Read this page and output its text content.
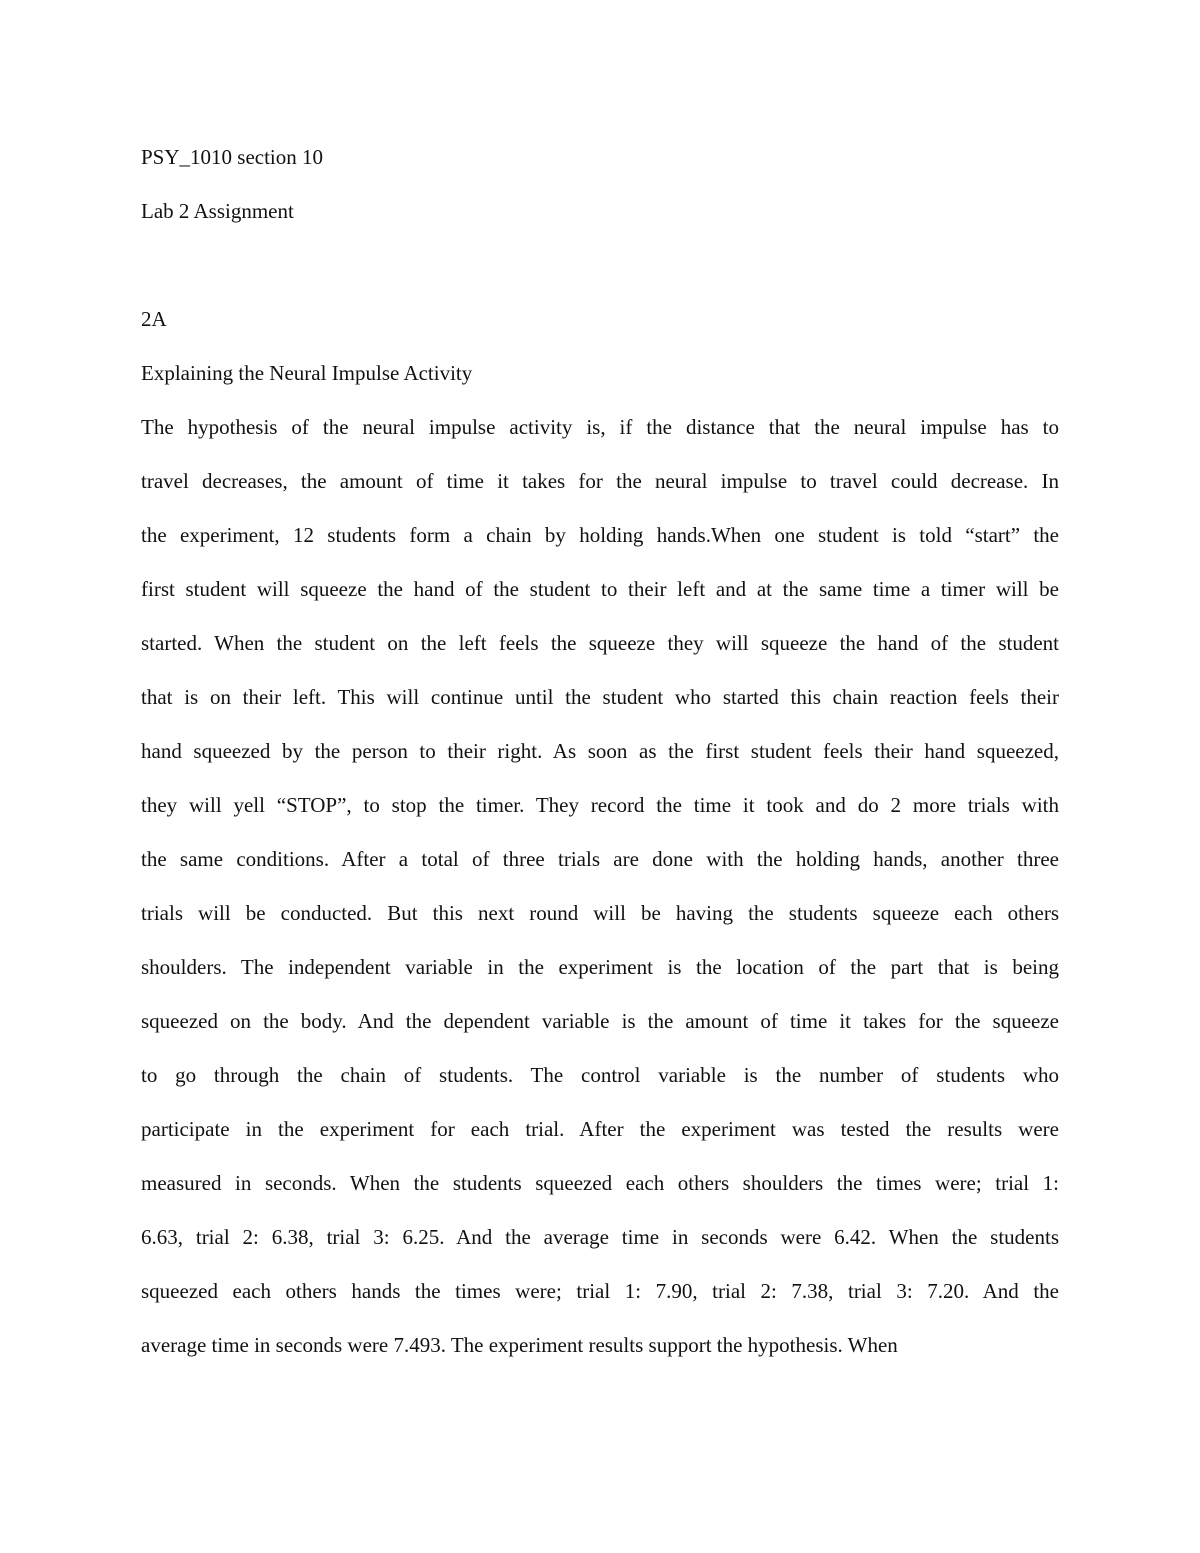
PSY_1010 section 10
Lab 2 Assignment
2A
Explaining the Neural Impulse Activity
The hypothesis of the neural impulse activity is, if the distance that the neural impulse has to
travel decreases, the amount of time it takes for the neural impulse to travel could decrease. In
the experiment, 12 students form a chain by holding hands.When one student is told “start” the
first student will squeeze the hand of the student to their left and at the same time a timer will be
started. When the student on the left feels the squeeze they will squeeze the hand of the student
that is on their left. This will continue until the student who started this chain reaction feels their
hand squeezed by the person to their right. As soon as the first student feels their hand squeezed,
they will yell “STOP”, to stop the timer. They record the time it took and do 2 more trials with
the same conditions. After a total of three trials are done with the holding hands, another three
trials will be conducted. But this next round will be having the students squeeze each others
shoulders. The independent variable in the experiment is the location of the part that is being
squeezed on the body. And the dependent variable is the amount of time it takes for the squeeze
to go through the chain of students. The control variable is the number of students who
participate in the experiment for each trial. After the experiment was tested the results were
measured in seconds. When the students squeezed each others shoulders the times were; trial 1:
6.63, trial 2: 6.38, trial 3: 6.25. And the average time in seconds were 6.42. When the students
squeezed each others hands the times were; trial 1: 7.90, trial 2: 7.38, trial 3: 7.20. And the
average time in seconds were 7.493. The experiment results support the hypothesis. When
